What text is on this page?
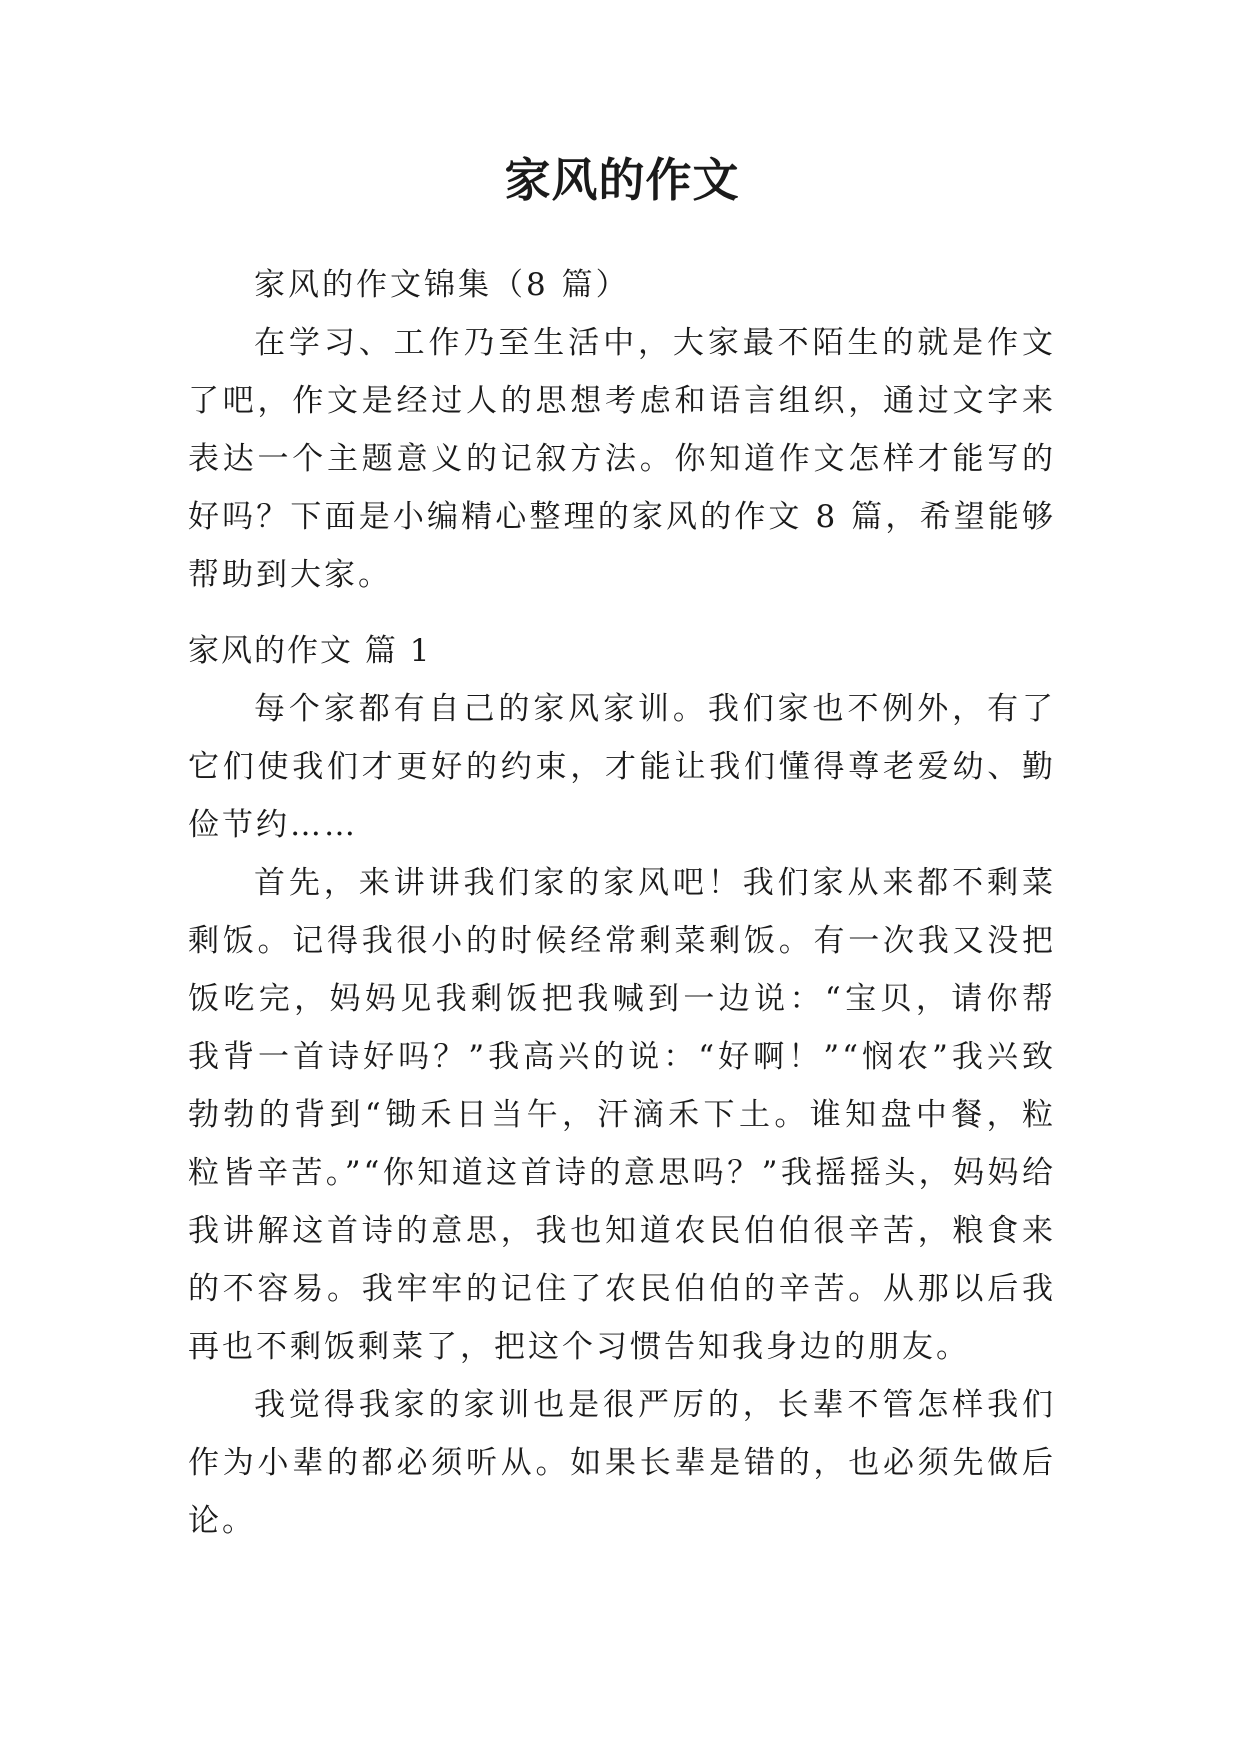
家风的作文

家风的作文锦集（8 篇）

在学习、工作乃至生活中，大家最不陌生的就是作文了吧，作文是经过人的思想考虑和语言组织，通过文字来表达一个主题意义的记叙方法。你知道作文怎样才能写的好吗？下面是小编精心整理的家风的作文 8 篇，希望能够帮助到大家。

家风的作文 篇 1

每个家都有自己的家风家训。我们家也不例外，有了它们使我们才更好的约束，才能让我们懂得尊老爱幼、勤俭节约……

首先，来讲讲我们家的家风吧！我们家从来都不剩菜剩饭。记得我很小的时候经常剩菜剩饭。有一次我又没把饭吃完，妈妈见我剩饭把我喊到一边说：“宝贝，请你帮我背一首诗好吗？”我高兴的说：“好啊！”“悯农”我兴致勃勃的背到“锄禾日当午，汗滴禾下土。谁知盘中餐，粒粒皆辛苦。”“你知道这首诗的意思吗？”我摇摇头，妈妈给我讲解这首诗的意思，我也知道农民伯伯很辛苦，粮食来的不容易。我牢牢的记住了农民伯伯的辛苦。从那以后我再也不剩饭剩菜了，把这个习惯告知我身边的朋友。

我觉得我家的家训也是很严厉的，长辈不管怎样我们作为小辈的都必须听从。如果长辈是错的，也必须先做后论。
